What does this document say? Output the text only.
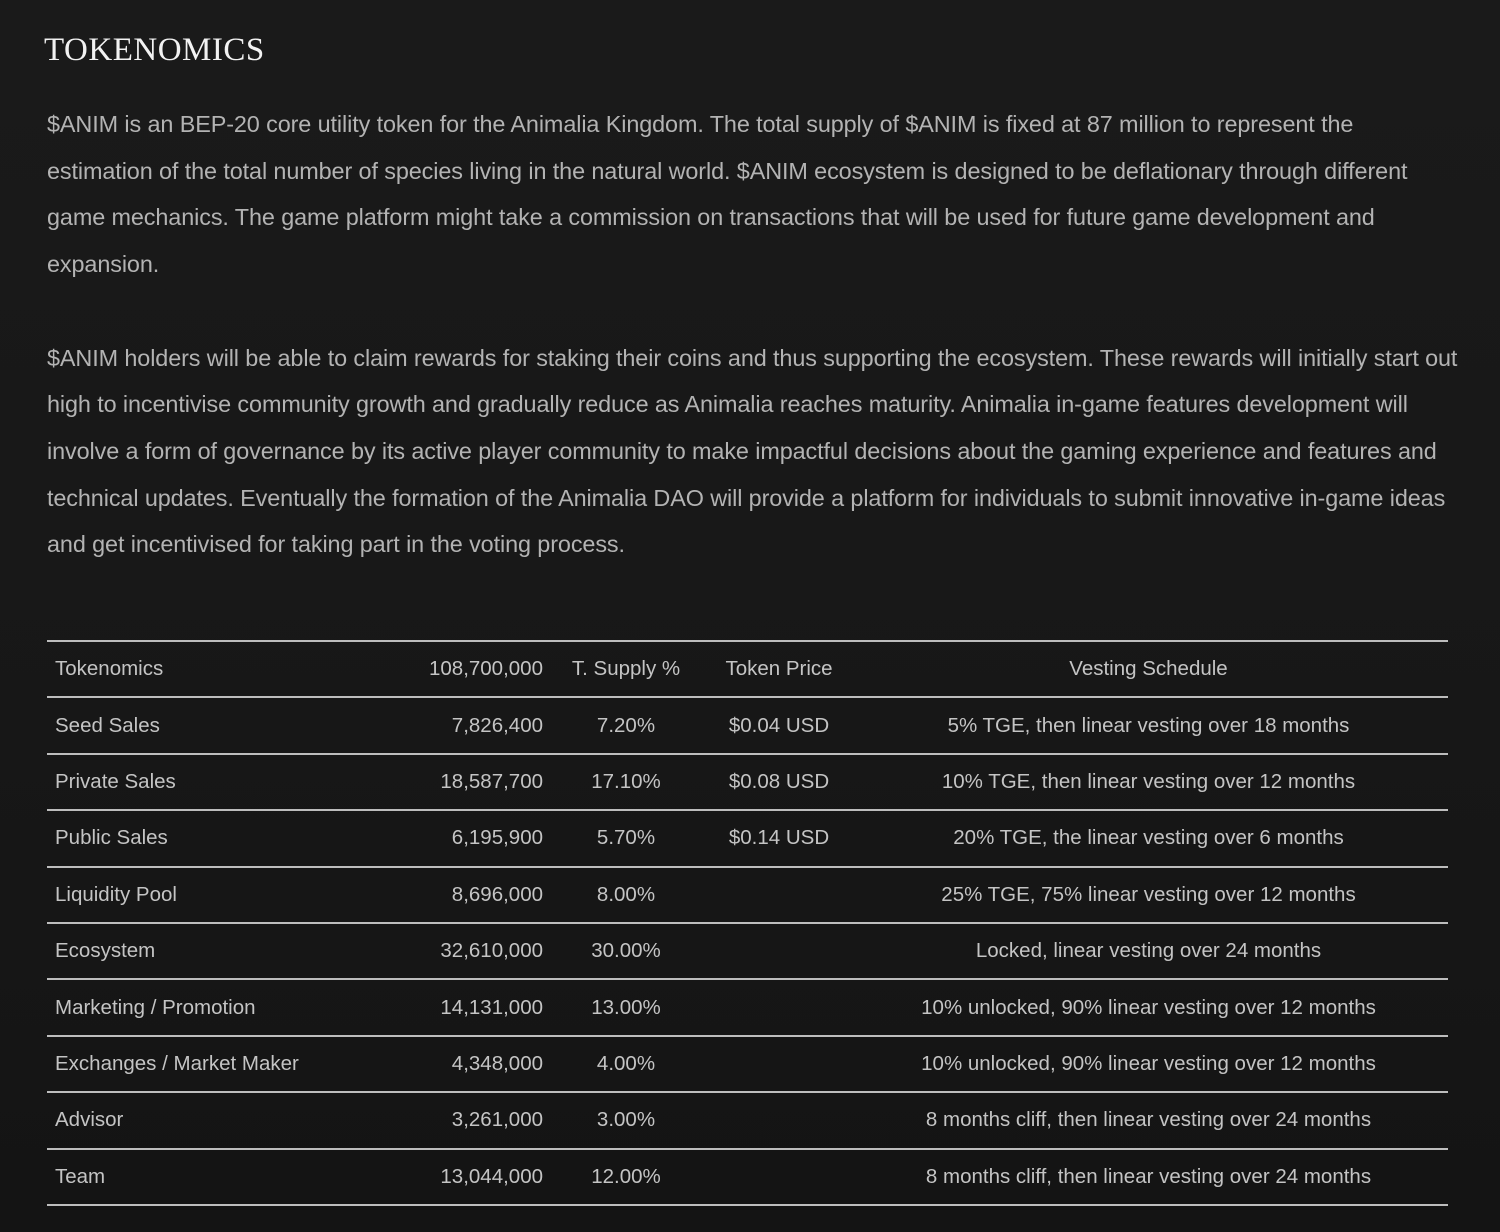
TOKENOMICS

$ANIM is an BEP-20 core utility token for the Animalia Kingdom. The total supply of $ANIM is fixed at 87 million to represent the estimation of the total number of species living in the natural world. $ANIM ecosystem is designed to be deflationary through different game mechanics. The game platform might take a commission on transactions that will be used for future game development and expansion.

$ANIM holders will be able to claim rewards for staking their coins and thus supporting the ecosystem. These rewards will initially start out high to incentivise community growth and gradually reduce as Animalia reaches maturity. Animalia in-game features development will involve a form of governance by its active player community to make impactful decisions about the gaming experience and features and technical updates. Eventually the formation of the Animalia DAO will provide a platform for individuals to submit innovative in-game ideas and get incentivised for taking part in the voting process.

Tokenomics	108,700,000	T. Supply %	Token Price	Vesting Schedule
Seed Sales	7,826,400	7.20%	$0.04 USD	5% TGE, then linear vesting over 18 months
Private Sales	18,587,700	17.10%	$0.08 USD	10% TGE, then linear vesting over 12 months
Public Sales	6,195,900	5.70%	$0.14 USD	20% TGE, the linear vesting over 6 months
Liquidity Pool	8,696,000	8.00%		25% TGE, 75% linear vesting over 12 months
Ecosystem	32,610,000	30.00%		Locked, linear vesting over 24 months
Marketing / Promotion	14,131,000	13.00%		10% unlocked, 90% linear vesting over 12 months
Exchanges / Market Maker	4,348,000	4.00%		10% unlocked, 90% linear vesting over 12 months
Advisor	3,261,000	3.00%		8 months cliff, then linear vesting over 24 months
Team	13,044,000	12.00%		8 months cliff, then linear vesting over 24 months
